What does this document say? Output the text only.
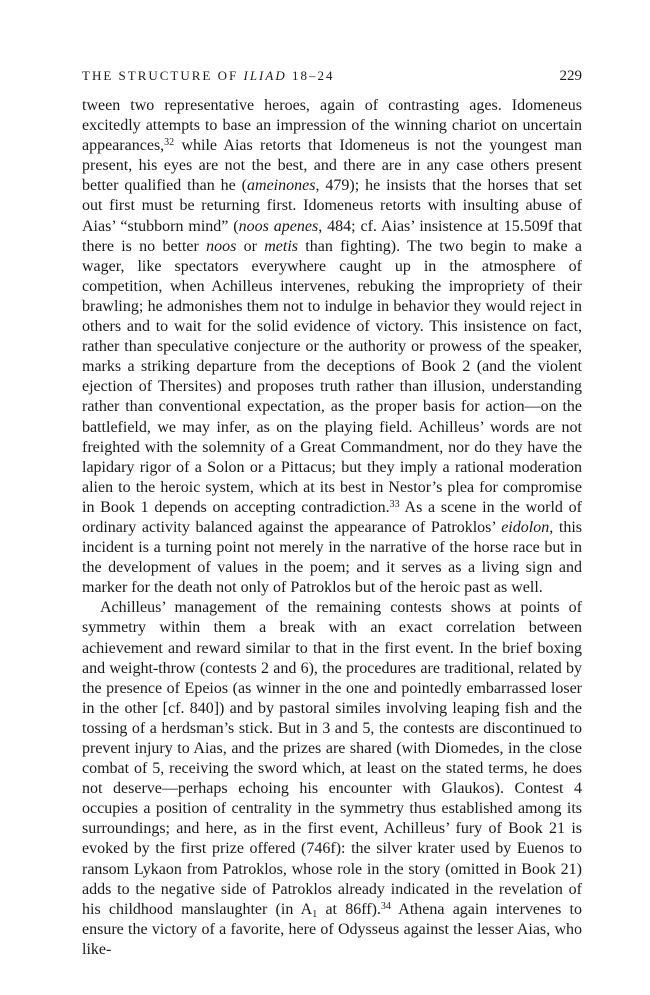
THE STRUCTURE OF ILIAD 18–24	229

tween two representative heroes, again of contrasting ages. Idomeneus excitedly attempts to base an impression of the winning chariot on uncertain appearances,$^{32}$ while Aias retorts that Idomeneus is not the youngest man present, his eyes are not the best, and there are in any case others present better qualified than he (ameinones, 479); he insists that the horses that set out first must be returning first. Idomeneus retorts with insulting abuse of Aias’ “stubborn mind” (noos apenes, 484; cf. Aias’ insistence at 15.509f that there is no better noos or metis than fighting). The two begin to make a wager, like spectators everywhere caught up in the atmosphere of competition, when Achilleus intervenes, rebuking the impropriety of their brawling; he admonishes them not to indulge in behavior they would reject in others and to wait for the solid evidence of victory. This insistence on fact, rather than speculative conjecture or the authority or prowess of the speaker, marks a striking departure from the deceptions of Book 2 (and the violent ejection of Thersites) and proposes truth rather than illusion, understanding rather than conventional expectation, as the proper basis for action—on the battlefield, we may infer, as on the playing field. Achilleus’ words are not freighted with the solemnity of a Great Commandment, nor do they have the lapidary rigor of a Solon or a Pittacus; but they imply a rational moderation alien to the heroic system, which at its best in Nestor’s plea for compromise in Book 1 depends on accepting contradiction.$^{33}$ As a scene in the world of ordinary activity balanced against the appearance of Patroklos’ eidolon, this incident is a turning point not merely in the narrative of the horse race but in the development of values in the poem; and it serves as a living sign and marker for the death not only of Patroklos but of the heroic past as well.

Achilleus’ management of the remaining contests shows at points of symmetry within them a break with an exact correlation between achievement and reward similar to that in the first event. In the brief boxing and weight-throw (contests 2 and 6), the procedures are traditional, related by the presence of Epeios (as winner in the one and pointedly embarrassed loser in the other [cf. 840]) and by pastoral similes involving leaping fish and the tossing of a herdsman’s stick. But in 3 and 5, the contests are discontinued to prevent injury to Aias, and the prizes are shared (with Diomedes, in the close combat of 5, receiving the sword which, at least on the stated terms, he does not deserve—perhaps echoing his encounter with Glaukos). Contest 4 occupies a position of centrality in the symmetry thus established among its surroundings; and here, as in the first event, Achilleus’ fury of Book 21 is evoked by the first prize offered (746f): the silver krater used by Euenos to ransom Lykaon from Patroklos, whose role in the story (omitted in Book 21) adds to the negative side of Patroklos already indicated in the revelation of his childhood manslaughter (in $A_1$ at 86ff).$^{34}$ Athena again intervenes to ensure the victory of a favorite, here of Odysseus against the lesser Aias, who like-
